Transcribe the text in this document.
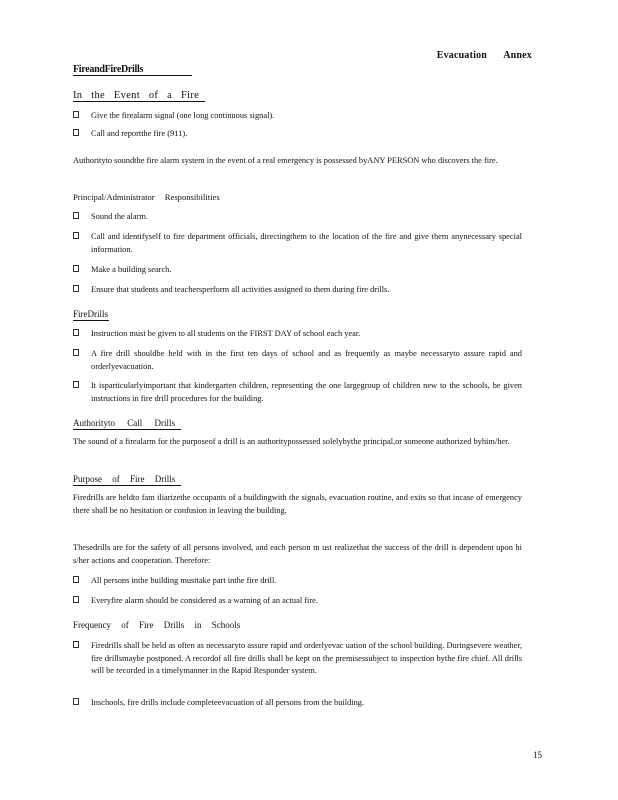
Evacuation Annex
FireandFireDrills
In the Event of a Fire
Give the firealarm signal (one long continuous signal).
Call and reportthe fire (911).
Authorityto soundthe fire alarm system in the event of a real emergency is possessed byANY PERSON who discovers the fire.
Principal/Administrator Responsibilities
Sound the alarm.
Call and identifyself to fire department officials, directingthem to the location of the fire and give them anynecessary special information.
Make a building search.
Ensure that students and teachersperform all activities assigned to them during fire drills.
FireDrills
Instruction must be given to all students on the FIRST DAY of school each year.
A fire drill shouldbe held with in the first ten days of school and as frequently as maybe necessaryto assure rapid and orderlyevacuation.
It isparticularlyimportant that kindergarten children, representing the one largegroup of children new to the schools, be given instructions in fire drill procedures for the building.
Authorityto Call Drills
The sound of a firealarm for the purposeof a drill is an authoritypossessed solelybythe principal,or someone authorized byhim/her.
Purpose of Fire Drills
Firedrills are heldto fam iliarizethe occupants of a buildingwith the signals, evacuation routine, and exits so that incase of emergency there shall be no hesitation or confusion in leaving the building.
Thesedrills are for the safety of all persons involved, and each person m ust realizethat the success of the drill is dependent upon hi s/her actions and cooperation. Therefore:
All persons inthe building musttake part inthe fire drill.
Everyfire alarm should be considered as a warning of an actual fire.
Frequency of Fire Drills in Schools
Firedrills shall be held as often as necessaryto assure rapid and orderlyevac uation of the school building. Duringsevere weather, fire drillsmaybe postponed. A recordof all fire drills shall be kept on the premisessubject to inspection bythe fire chief. All drills will be recorded in a timelymanner in the Rapid Responder system.
Inschools, fire drills include completeevacuation of all persons from the building.
15
